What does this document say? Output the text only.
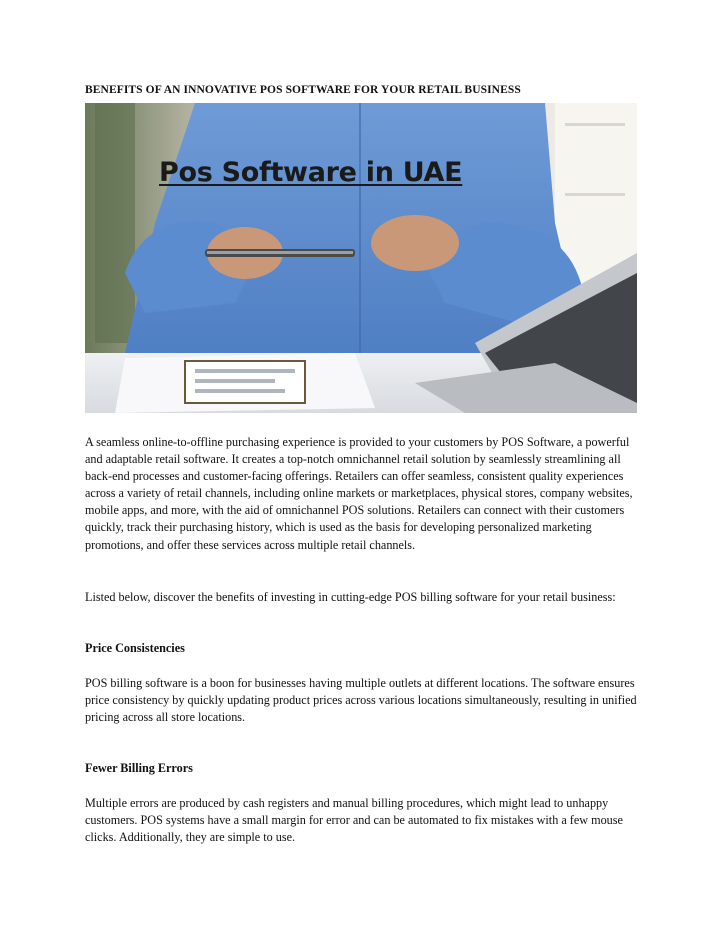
BENEFITS OF AN INNOVATIVE POS SOFTWARE FOR YOUR RETAIL BUSINESS
Pos Software in UAE

A seamless online-to-offline purchasing experience is provided to your customers by POS Software, a powerful and adaptable retail software. It creates a top-notch omnichannel retail solution by seamlessly streamlining all back-end processes and customer-facing offerings. Retailers can offer seamless, consistent quality experiences across a variety of retail channels, including online markets or marketplaces, physical stores, company websites, mobile apps, and more, with the aid of omnichannel POS solutions. Retailers can connect with their customers quickly, track their purchasing history, which is used as the basis for developing personalized marketing promotions, and offer these services across multiple retail channels.

Listed below, discover the benefits of investing in cutting-edge POS billing software for your retail business:

Price Consistencies

POS billing software is a boon for businesses having multiple outlets at different locations. The software ensures price consistency by quickly updating product prices across various locations simultaneously, resulting in unified pricing across all store locations.

Fewer Billing Errors

Multiple errors are produced by cash registers and manual billing procedures, which might lead to unhappy customers. POS systems have a small margin for error and can be automated to fix mistakes with a few mouse clicks. Additionally, they are simple to use.
